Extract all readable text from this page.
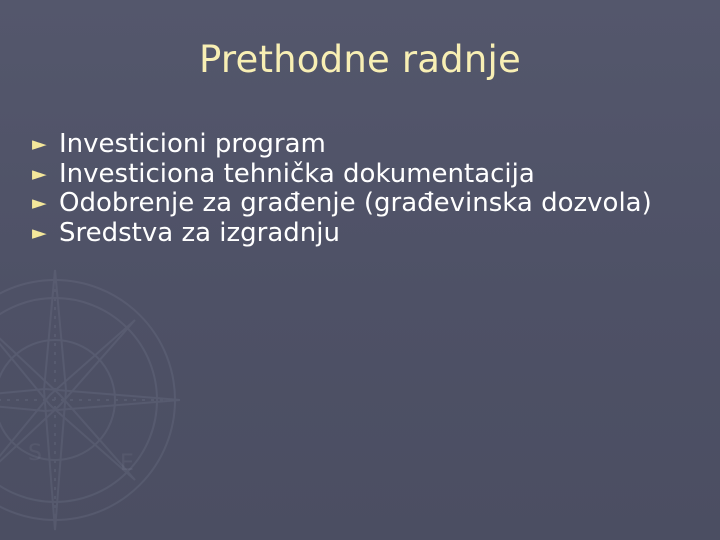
S	E
Prethodne radnje
► Investicioni program
► Investiciona tehnička dokumentacija
► Odobrenje za građenje (građevinska dozvola)
► Sredstva za izgradnju
